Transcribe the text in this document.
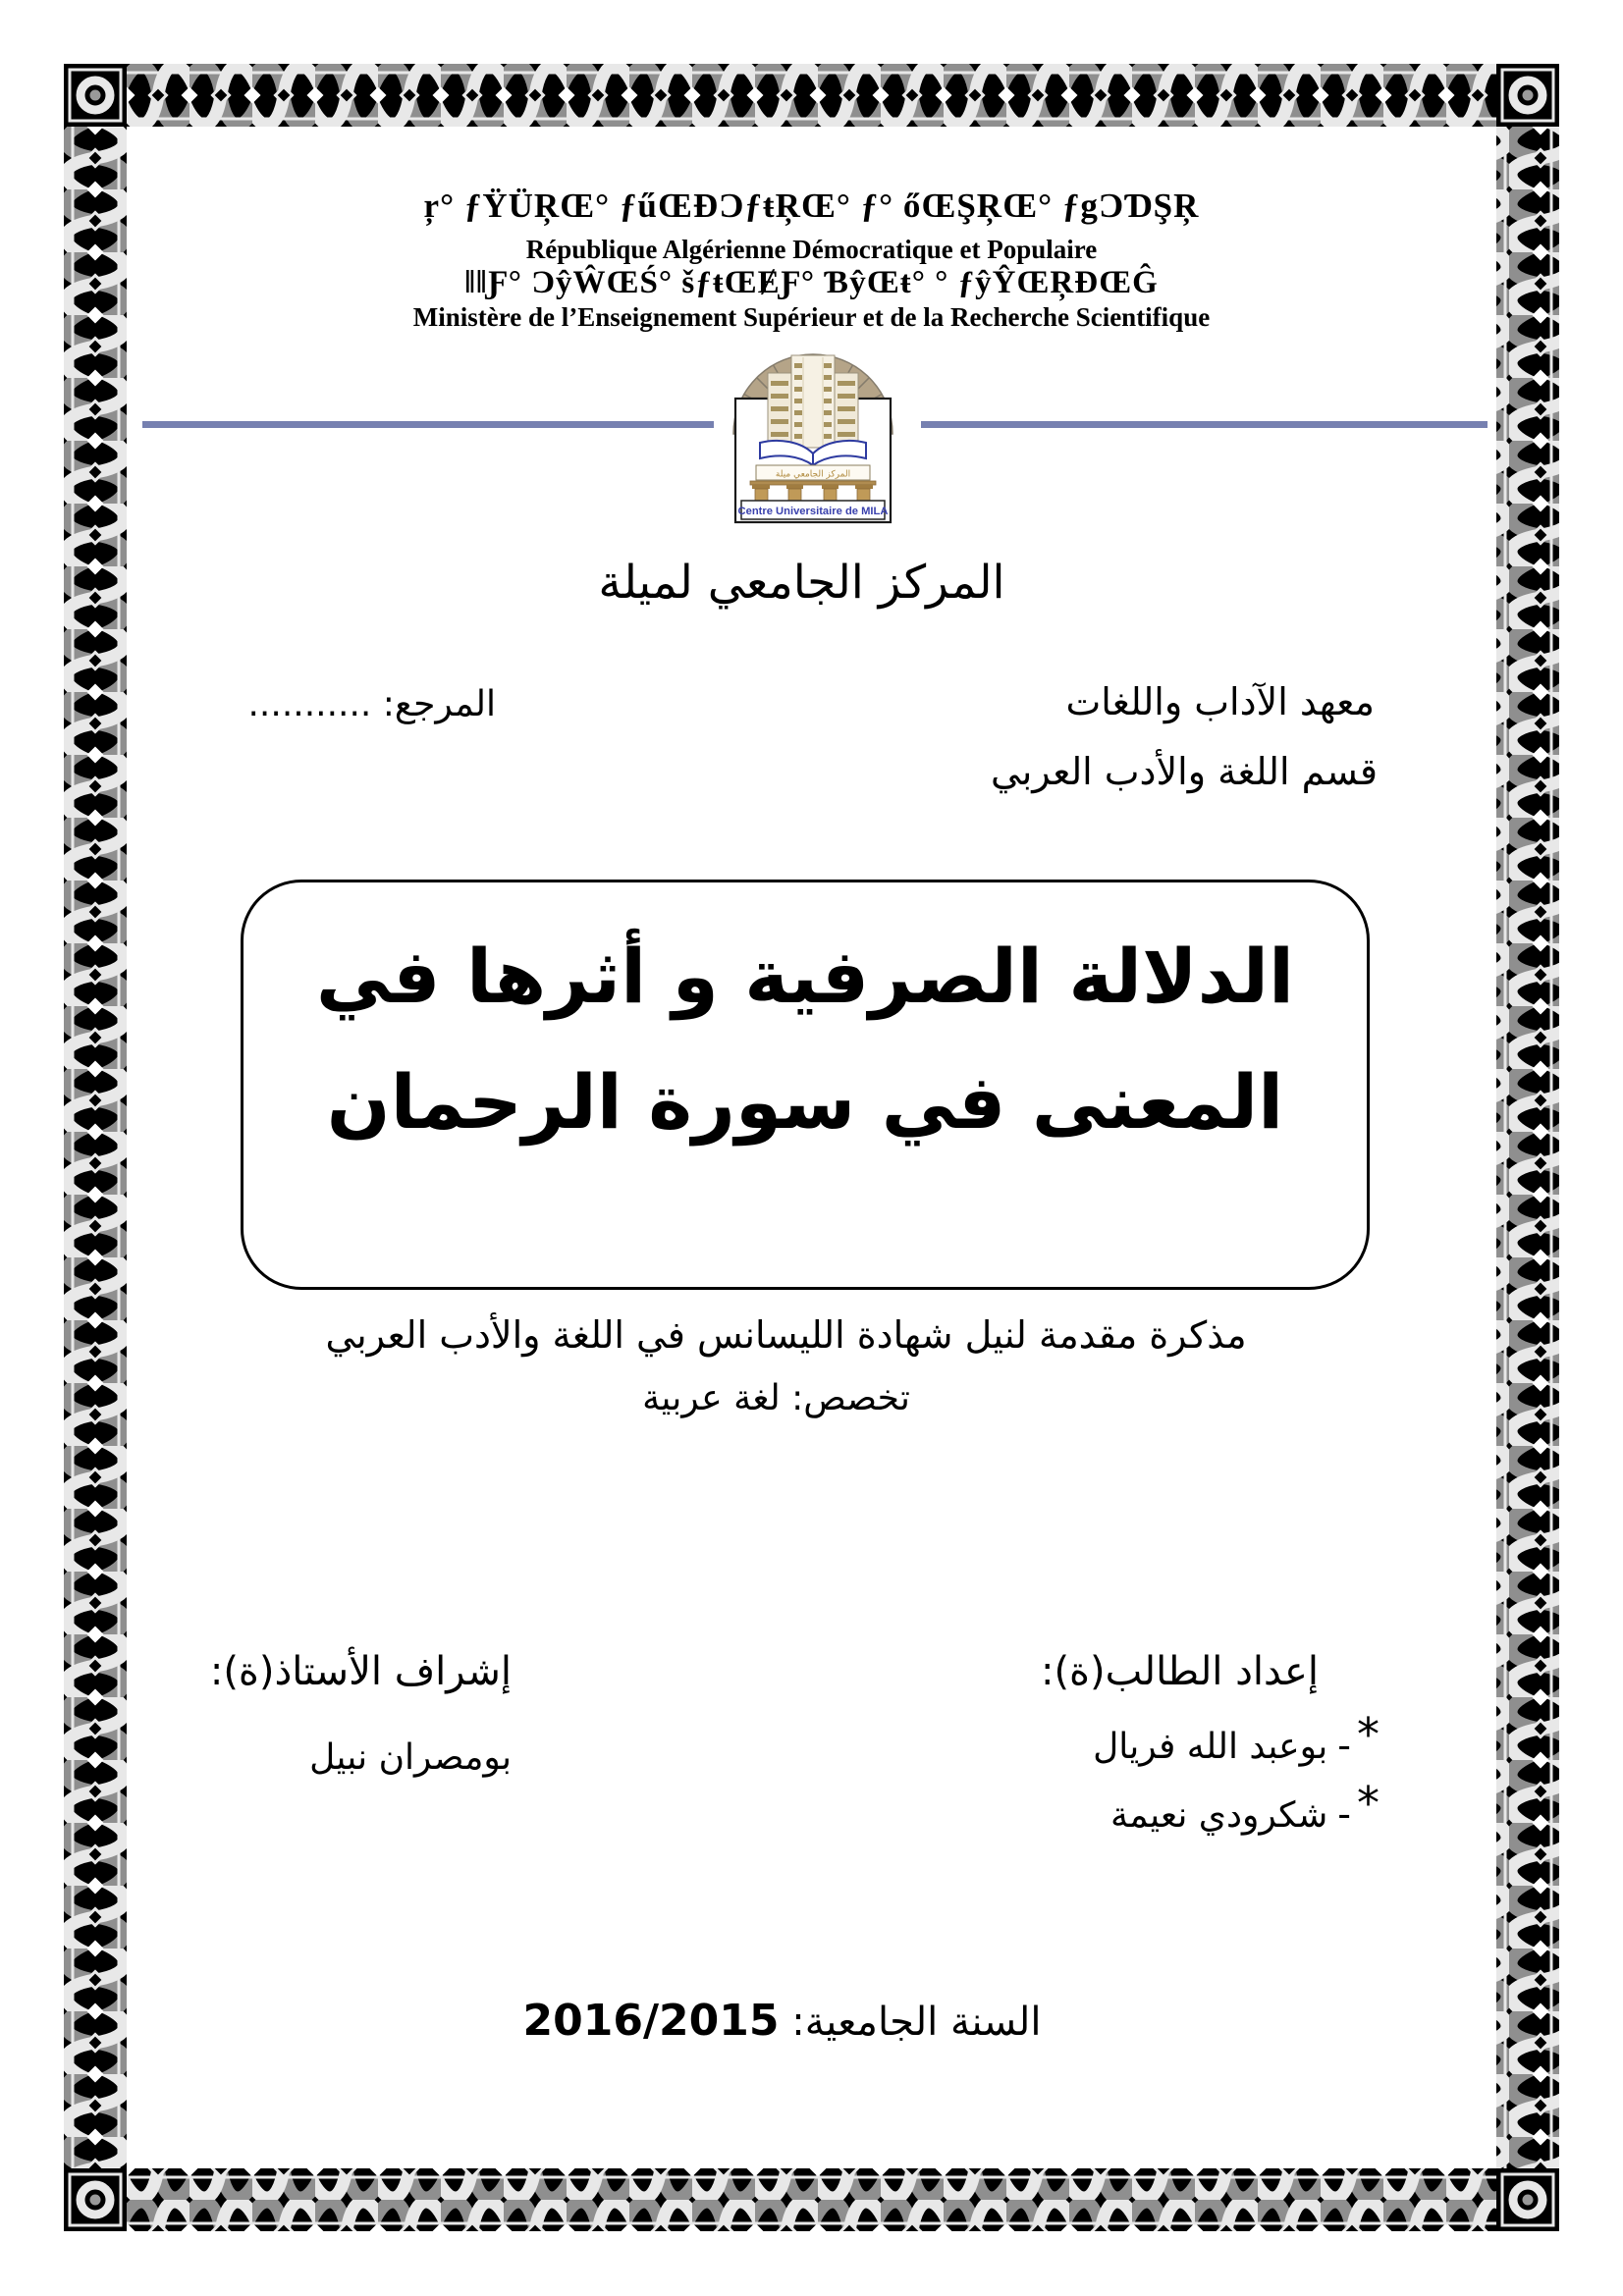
ŗ° ƒŸÜŖŒ° ƒűŒĐƆƒŧŖŒ° ƒ° őŒŞŖŒ° ƒgƆƊŞŖ
République Algérienne Démocratique et Populaire
ǁǁƑ° ƆŷŴŒŚ° šƒŧŒɆƑ° ƁŷŒŧ° ° ƒŷŶŒŖĐŒĜ
Ministère de l’Enseignement Supérieur et de la Recherche Scientifique
المركز الجامعي ميلة
Centre Universitaire de MILA
المركز الجامعي لميلة
معهد الآداب واللغات
المرجع: ...........
قسم اللغة والأدب العربي
الدلالة الصرفية و أثرها في
المعنى في سورة الرحمان
مذكرة مقدمة لنيل شهادة الليسانس في اللغة والأدب العربي
تخصص: لغة عربية
إعداد الطالب(ة):
إشراف الأستاذ(ة):
*-بوعبد الله فريال
بومصران نبيل
*-شكرودي نعيمة
السنة الجامعية: 2016/2015
